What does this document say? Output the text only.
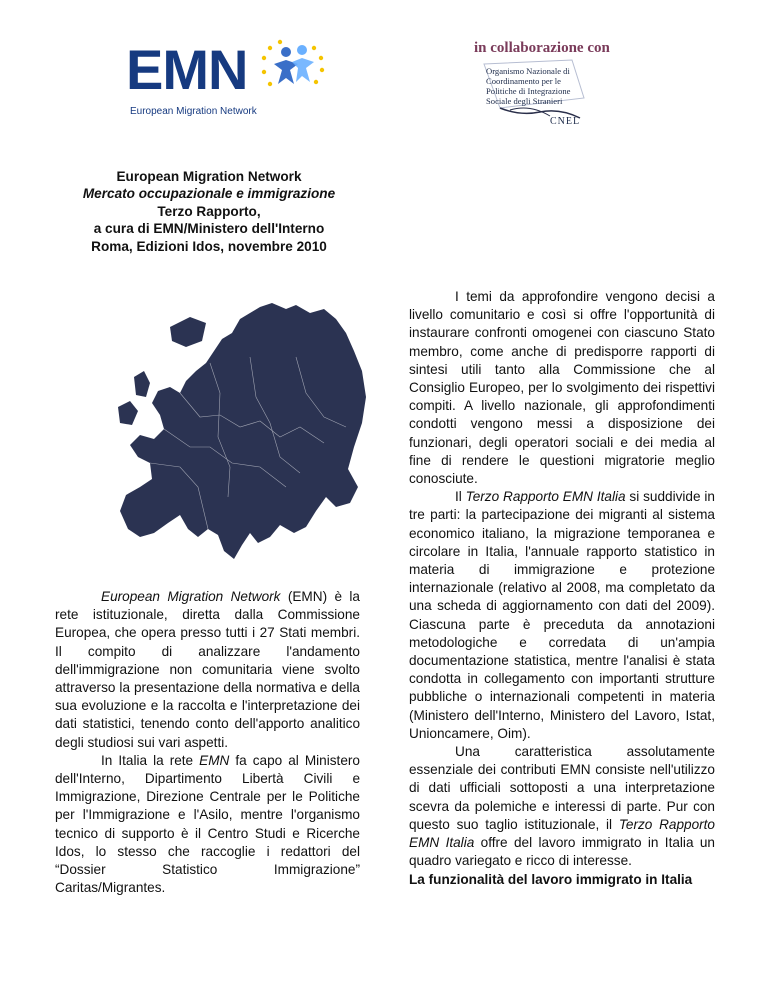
EMN
European Migration Network
in collaborazione con
Organismo Nazionale di
Coordinamento per le
Politiche di Integrazione
Sociale degli Stranieri
CNEL
European Migration Network
Mercato occupazionale e immigrazione
Terzo Rapporto,
a cura di EMN/Ministero dell'Interno
Roma, Edizioni Idos, novembre 2010

European Migration Network (EMN) è la rete istituzionale, diretta dalla Commissione Europea, che opera presso tutti i 27 Stati membri. Il compito di analizzare l'andamento dell'immigrazione non comunitaria viene svolto attraverso la presentazione della normativa e della sua evoluzione e la raccolta e l'interpretazione dei dati statistici, tenendo conto dell'apporto analitico degli studiosi sui vari aspetti.

In Italia la rete EMN fa capo al Ministero dell'Interno, Dipartimento Libertà Civili e Immigrazione, Direzione Centrale per le Politiche per l'Immigrazione e l'Asilo, mentre l'organismo tecnico di supporto è il Centro Studi e Ricerche Idos, lo stesso che raccoglie i redattori del “Dossier Statistico Immigrazione” Caritas/Migrantes.

I temi da approfondire vengono decisi a livello comunitario e così si offre l'opportunità di instaurare confronti omogenei con ciascuno Stato membro, come anche di predisporre rapporti di sintesi utili tanto alla Commissione che al Consiglio Europeo, per lo svolgimento dei rispettivi compiti. A livello nazionale, gli approfondimenti condotti vengono messi a disposizione dei funzionari, degli operatori sociali e dei media al fine di rendere le questioni migratorie meglio conosciute.

Il Terzo Rapporto EMN Italia si suddivide in tre parti: la partecipazione dei migranti al sistema economico italiano, la migrazione temporanea e circolare in Italia, l'annuale rapporto statistico in materia di immigrazione e protezione internazionale (relativo al 2008, ma completato da una scheda di aggiornamento con dati del 2009). Ciascuna parte è preceduta da annotazioni metodologiche e corredata di un'ampia documentazione statistica, mentre l'analisi è stata condotta in collegamento con importanti strutture pubbliche o internazionali competenti in materia (Ministero dell'Interno, Ministero del Lavoro, Istat, Unioncamere, Oim).

Una caratteristica assolutamente essenziale dei contributi EMN consiste nell'utilizzo di dati ufficiali sottoposti a una interpretazione scevra da polemiche e interessi di parte. Pur con questo suo taglio istituzionale, il Terzo Rapporto EMN Italia offre del lavoro immigrato in Italia un quadro variegato e ricco di interesse.

La funzionalità del lavoro immigrato in Italia
